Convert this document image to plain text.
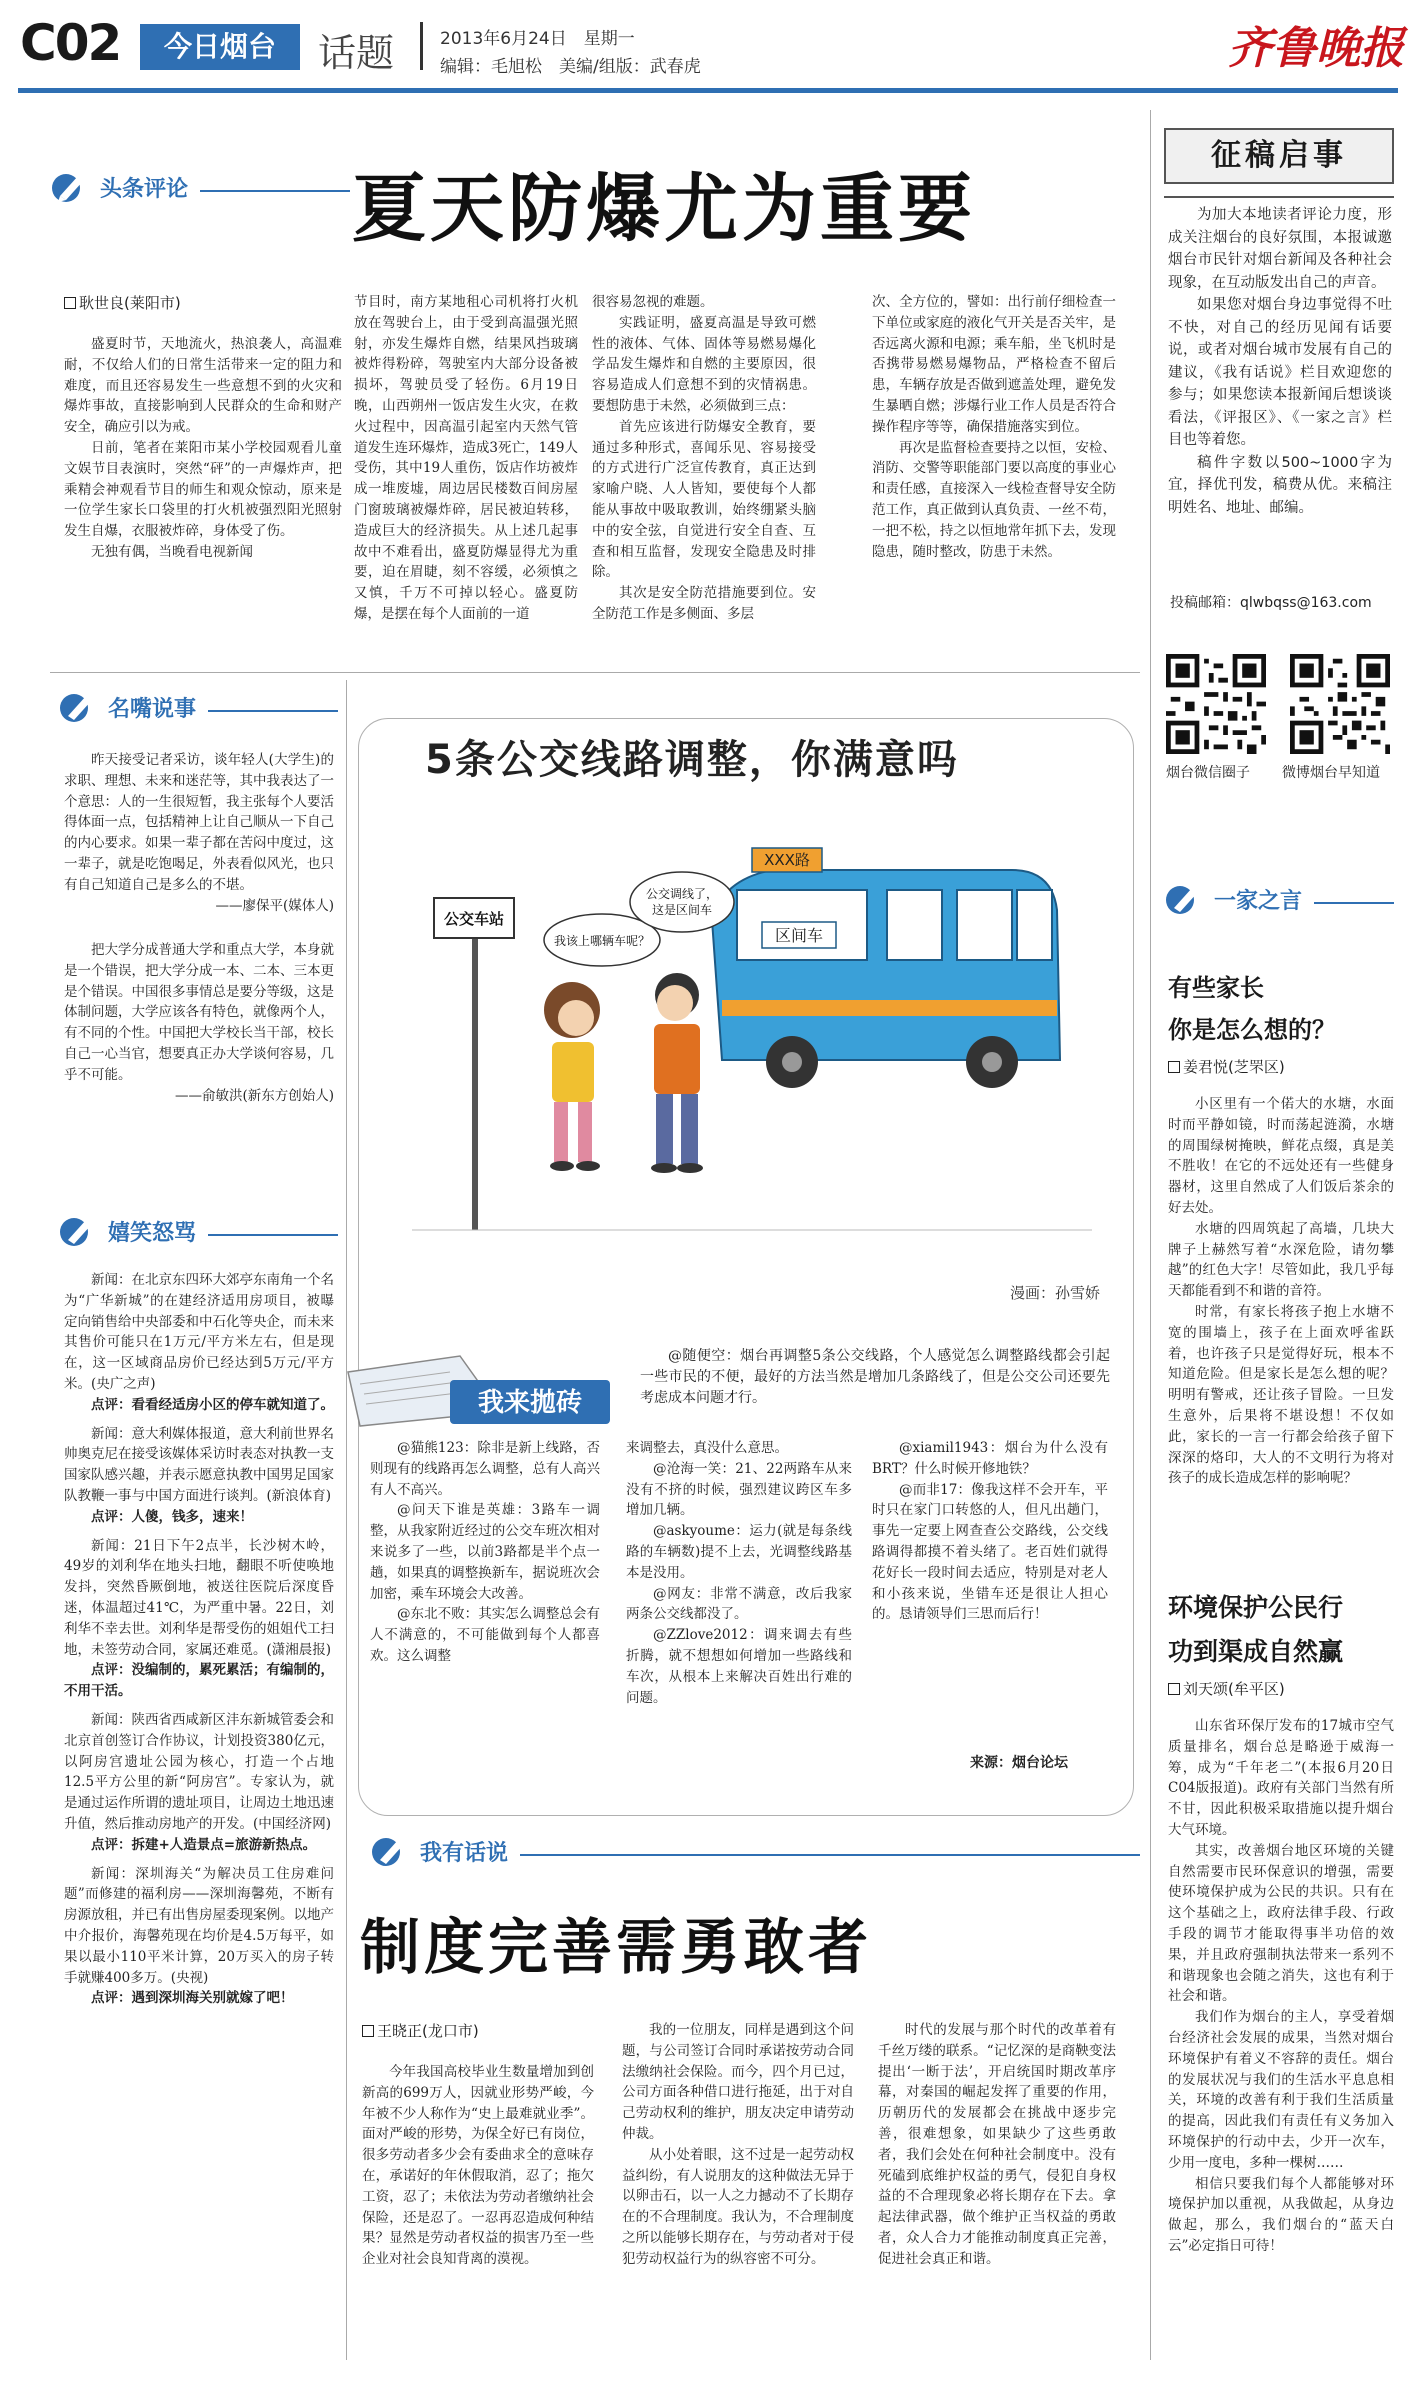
C02	今日烟台	话题	2013年6月24日　星期一
编辑：毛旭松　美编/组版：武春虎	齐鲁晚报
头条评论 夏天防爆尤为重要
耿世良(莱阳市)

盛夏时节，天地流火，热浪袭人，高温难耐，不仅给人们的日常生活带来一定的阻力和难度，而且还容易发生一些意想不到的火灾和爆炸事故，直接影响到人民群众的生命和财产安全，确应引以为戒。

日前，笔者在莱阳市某小学校园观看儿童文娱节目表演时，突然“砰”的一声爆炸声，把乘精会神观看节目的师生和观众惊动，原来是一位学生家长口袋里的打火机被强烈阳光照射发生自爆，衣服被炸碎，身体受了伤。

无独有偶，当晚看电视新闻

节目时，南方某地租心司机将打火机放在驾驶台上，由于受到高温强光照射，亦发生爆炸自燃，结果风挡玻璃被炸得粉碎，驾驶室内大部分设备被损坏，驾驶员受了轻伤。6月19日晚，山西朔州一饭店发生火灾，在救火过程中，因高温引起室内天然气管道发生连环爆炸，造成3死亡，149人受伤，其中19人重伤，饭店作坊被炸成一堆废墟，周边居民楼数百间房屋门窗玻璃被爆炸碎，居民被迫转移，造成巨大的经济损失。从上述几起事故中不难看出，盛夏防爆显得尤为重要，迫在眉睫，刻不容缓，必须慎之又慎，千万不可掉以轻心。盛夏防爆，是摆在每个人面前的一道

很容易忽视的难题。

实践证明，盛夏高温是导致可燃性的液体、气体、固体等易燃易爆化学品发生爆炸和自燃的主要原因，很容易造成人们意想不到的灾情祸患。要想防患于未然，必须做到三点：

首先应该进行防爆安全教育，要通过多种形式，喜闻乐见、容易接受的方式进行广泛宣传教育，真正达到家喻户晓、人人皆知，要使每个人都能从事故中吸取教训，始终绷紧头脑中的安全弦，自觉进行安全自查、互查和相互监督，发现安全隐患及时排除。

其次是安全防范措施要到位。安全防范工作是多侧面、多层

次、全方位的，譬如：出行前仔细检查一下单位或家庭的液化气开关是否关牢，是否远离火源和电源；乘车船，坐飞机时是否携带易燃易爆物品，严格检查不留后患，车辆存放是否做到遮盖处理，避免发生暴晒自燃；涉爆行业工作人员是否符合操作程序等等，确保措施落实到位。

再次是监督检查要持之以恒，安检、消防、交警等职能部门要以高度的事业心和责任感，直接深入一线检查督导安全防范工作，真正做到认真负责、一丝不苟，一把不松，持之以恒地常年抓下去，发现隐患，随时整改，防患于未然。

名嘴说事

昨天接受记者采访，谈年轻人(大学生)的求职、理想、未来和迷茫等，其中我表达了一个意思：人的一生很短暂，我主张每个人要活得体面一点，包括精神上让自己顺从一下自己的内心要求。如果一辈子都在苦闷中度过，这一辈子，就是吃饱喝足，外表看似风光，也只有自己知道自己是多么的不堪。

——廖保平(媒体人)

把大学分成普通大学和重点大学，本身就是一个错误，把大学分成一本、二本、三本更是个错误。中国很多事情总是要分等级，这是体制问题，大学应该各有特色，就像两个人，有不同的个性。中国把大学校长当干部，校长自己一心当官，想要真正办大学谈何容易，几乎不可能。

——俞敏洪(新东方创始人)

嬉笑怒骂

新闻：在北京东四环大郊亭东南角一个名为“广华新城”的在建经济适用房项目，被曝定向销售给中央部委和中石化等央企，而未来其售价可能只在1万元/平方米左右，但是现在，这一区域商品房价已经达到5万元/平方米。(央广之声)

点评：看看经适房小区的停车就知道了。

新闻：意大利媒体报道，意大利前世界名帅奥克尼在接受该媒体采访时表态对执教一支国家队感兴趣，并表示愿意执教中国男足国家队教鞭一事与中国方面进行谈判。(新浪体育)

点评：人傻，钱多，速来！

新闻：21日下午2点半，长沙树木岭，49岁的刘利华在地头扫地，翻眼不听使唤地发抖，突然昏厥倒地，被送往医院后深度昏迷，体温超过41℃，为严重中暑。22日，刘利华不幸去世。刘利华是帮受伤的姐姐代工扫地，未签劳动合同，家属还难觅。(潇湘晨报)

点评：没编制的，累死累活；有编制的，不用干活。

新闻：陕西省西咸新区沣东新城管委会和北京首创签订合作协议，计划投资380亿元，以阿房宫遗址公园为核心，打造一个占地12.5平方公里的新“阿房宫”。专家认为，就是通过运作所谓的遗址项目，让周边土地迅速升值，然后推动房地产的开发。(中国经济网)

点评：拆建+人造景点=旅游新热点。

新闻：深圳海关“为解决员工住房难问题”而修建的福利房——深圳海馨苑，不断有房源放租，并已有出售房屋委现案例。以地产中介报价，海馨苑现在均价是4.5万每平，如果以最小110平米计算，20万买入的房子转手就赚400多万。(央视)

点评：遇到深圳海关别就嫁了吧！

5条公交线路调整，你满意吗
XXX路
区间车
公交车站
我该上哪辆车呢？
公交调线了，
这是区间车
漫画：孙雪娇
我来拋砖

@随便空：烟台再调整5条公交线路，个人感觉怎么调整路线都会引起一些市民的不便，最好的方法当然是增加几条路线了，但是公交公司还要先考虑成本问题才行。

@猫熊123：除非是新上线路，否则现有的线路再怎么调整，总有人高兴有人不高兴。

@问天下谁是英雄：3路车一调整，从我家附近经过的公交车班次相对来说多了一些，以前3路都是半个点一趟，如果真的调整换新车，据说班次会加密，乘车环境会大改善。

@东北不败：其实怎么调整总会有人不满意的，不可能做到每个人都喜欢。这么调整

来调整去，真没什么意思。

@沧海一笑：21、22两路车从来没有不挤的时候，强烈建议跨区车多增加几辆。

@askyoume：运力(就是每条线路的车辆数)提不上去，光调整线路基本是没用。

@网友：非常不满意，改后我家两条公交线都没了。

@ZZlove2012：调来调去有些折腾，就不想想如何增加一些路线和车次，从根本上来解决百姓出行难的问题。

@xiamil1943：烟台为什么没有BRT？什么时候开修地铁？

@而非17：像我这样不会开车，平时只在家门口转悠的人，但凡出趟门，事先一定要上网查查公交路线，公交线路调得都摸不着头绪了。老百姓们就得花好长一段时间去适应，特别是对老人和小孩来说，坐错车还是很让人担心的。恳请领导们三思而后行！

来源：烟台论坛
我有话说
制度完善需勇敢者
王晓正(龙口市)

今年我国高校毕业生数量增加到创新高的699万人，因就业形势严峻，今年被不少人称作为“史上最难就业季”。面对严峻的形势，为保全好已有岗位，很多劳动者多少会有委曲求全的意味存在，承诺好的年休假取消，忍了；拖欠工资，忍了；未依法为劳动者缴纳社会保险，还是忍了。一忍再忍造成何种结果？显然是劳动者权益的损害乃至一些企业对社会良知背离的漠视。

我的一位朋友，同样是遇到这个问题，与公司签订合同时承诺按劳动合同法缴纳社会保险。而今，四个月已过，公司方面各种借口进行拖延，出于对自己劳动权利的维护，朋友决定申请劳动仲裁。

从小处着眼，这不过是一起劳动权益纠纷，有人说朋友的这种做法无异于以卵击石，以一人之力撼动不了长期存在的不合理制度。我认为，不合理制度之所以能够长期存在，与劳动者对于侵犯劳动权益行为的纵容密不可分。

时代的发展与那个时代的改革着有千丝万缕的联系。“记忆深的是商鞅变法提出‘一断于法’，开启统国时期改革序幕，对秦国的崛起发挥了重要的作用，历朝历代的发展都会在挑战中逐步完善，很难想象，如果缺少了这些勇敢者，我们会处在何种社会制度中。没有死磕到底维护权益的勇气，侵犯自身权益的不合理现象必将长期存在下去。拿起法律武器，做个维护正当权益的勇敢者，众人合力才能推动制度真正完善，促进社会真正和谐。

征稿启事

为加大本地读者评论力度，形成关注烟台的良好氛围，本报诚邀烟台市民针对烟台新闻及各种社会现象，在互动版发出自己的声音。

如果您对烟台身边事觉得不吐不快，对自己的经历见闻有话要说，或者对烟台城市发展有自己的建议，《我有话说》栏目欢迎您的参与；如果您读本报新闻后想谈谈看法，《评报区》、《一家之言》栏目也等着您。

稿件字数以500~1000字为宜，择优刊发，稿费从优。来稿注明姓名、地址、邮编。

投稿邮箱：qlwbqss@163.com
烟台微信圈子 微博烟台早知道
一家之言
有些家长
你是怎么想的？
姜君悦(芝罘区)

小区里有一个偌大的水塘，水面时而平静如镜，时而荡起涟漪，水塘的周围绿树掩映，鲜花点缀，真是美不胜收！在它的不远处还有一些健身器材，这里自然成了人们饭后茶余的好去处。

水塘的四周筑起了高墙，几块大牌子上赫然写着“水深危险，请勿攀越”的红色大字！尽管如此，我几乎每天都能看到不和谐的音符。

时常，有家长将孩子抱上水塘不宽的围墙上，孩子在上面欢呼雀跃着，也许孩子只是觉得好玩，根本不知道危险。但是家长是怎么想的呢？明明有警戒，还让孩子冒险。一旦发生意外，后果将不堪设想！不仅如此，家长的一言一行都会给孩子留下深深的烙印，大人的不文明行为将对孩子的成长造成怎样的影响呢？

环境保护公民行
功到渠成自然赢
刘天颂(牟平区)

山东省环保厅发布的17城市空气质量排名，烟台总是略逊于威海一筹，成为“千年老二”(本报6月20日C04版报道)。政府有关部门当然有所不甘，因此积极采取措施以提升烟台大气环境。

其实，改善烟台地区环境的关键自然需要市民环保意识的增强，需要使环境保护成为公民的共识。只有在这个基础之上，政府法律手段、行政手段的调节才能取得事半功倍的效果，并且政府强制执法带来一系列不和谐现象也会随之消失，这也有利于社会和谐。

我们作为烟台的主人，享受着烟台经济社会发展的成果，当然对烟台环境保护有着义不容辞的责任。烟台的发展状况与我们的生活水平息息相关，环境的改善有利于我们生活质量的提高，因此我们有责任有义务加入环境保护的行动中去，少开一次车，少用一度电，多种一棵树……

相信只要我们每个人都能够对环境保护加以重视，从我做起，从身边做起，那么，我们烟台的“蓝天白云”必定指日可待！
